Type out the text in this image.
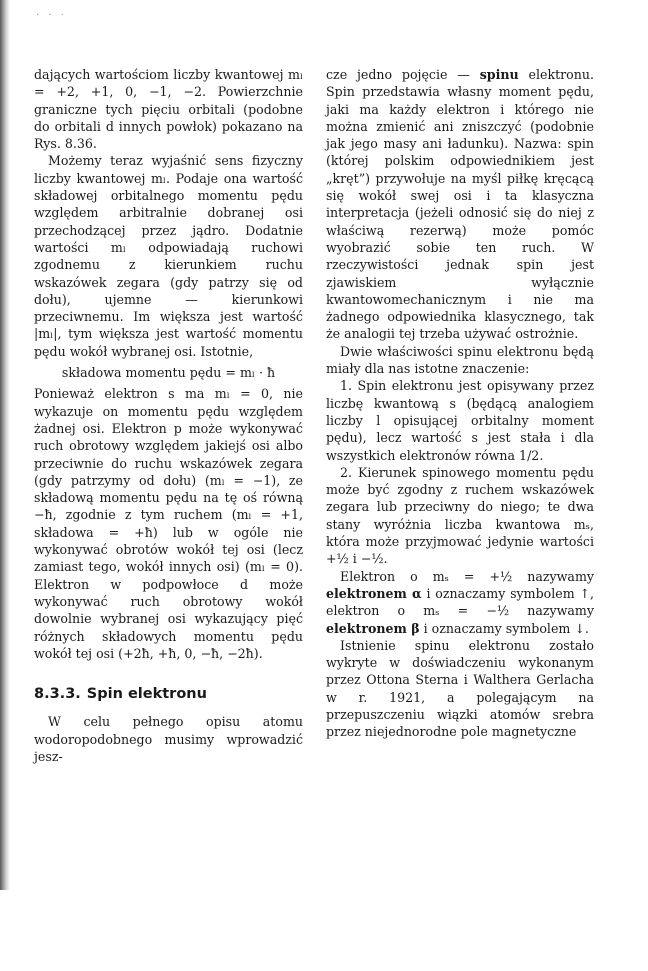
· · ·

dających wartościom liczby kwantowej mₗ = +2, +1, 0, −1, −2. Powierzchnie graniczne tych pięciu orbitali (podobne do orbitali d innych powłok) pokazano na Rys. 8.36.

Możemy teraz wyjaśnić sens fizyczny liczby kwantowej mₗ. Podaje ona wartość składowej orbitalnego momentu pędu względem arbitralnie dobranej osi przechodzącej przez jądro. Dodatnie wartości mₗ odpowiadają ruchowi zgodnemu z kierunkiem ruchu wskazówek zegara (gdy patrzy się od dołu), ujemne — kierunkowi przeciwnemu. Im większa jest wartość |mₗ|, tym większa jest wartość momentu pędu wokół wybranej osi. Istotnie,

składowa momentu pędu = mₗ · ħ

Ponieważ elektron s ma mₗ = 0, nie wykazuje on momentu pędu względem żadnej osi. Elektron p może wykonywać ruch obrotowy względem jakiejś osi albo przeciwnie do ruchu wskazówek zegara (gdy patrzymy od dołu) (mₗ = −1), ze składową momentu pędu na tę oś równą −ħ, zgodnie z tym ruchem (mₗ = +1, składowa = +ħ) lub w ogóle nie wykonywać obrotów wokół tej osi (lecz zamiast tego, wokół innych osi) (mₗ = 0). Elektron w podpowłoce d może wykonywać ruch obrotowy wokół dowolnie wybranej osi wykazujący pięć różnych składowych momentu pędu wokół tej osi (+2ħ, +ħ, 0, −ħ, −2ħ).

8.3.3. Spin elektronu

W celu pełnego opisu atomu wodoropodobnego musimy wprowadzić jesz-

cze jedno pojęcie — spinu elektronu. Spin przedstawia własny moment pędu, jaki ma każdy elektron i którego nie można zmienić ani zniszczyć (podobnie jak jego masy ani ładunku). Nazwa: spin (której polskim odpowiednikiem jest „kręt”) przywołuje na myśl piłkę kręcącą się wokół swej osi i ta klasyczna interpretacja (jeżeli odnosić się do niej z właściwą rezerwą) może pomóc wyobrazić sobie ten ruch. W rzeczywistości jednak spin jest zjawiskiem wyłącznie kwantowomechanicznym i nie ma żadnego odpowiednika klasycznego, tak że analogii tej trzeba używać ostrożnie.

Dwie właściwości spinu elektronu będą miały dla nas istotne znaczenie:

1. Spin elektronu jest opisywany przez liczbę kwantową s (będącą analogiem liczby l opisującej orbitalny moment pędu), lecz wartość s jest stała i dla wszystkich elektronów równa 1/2.

2. Kierunek spinowego momentu pędu może być zgodny z ruchem wskazówek zegara lub przeciwny do niego; te dwa stany wyróżnia liczba kwantowa mₛ, która może przyjmować jedynie wartości +½ i −½.

Elektron o mₛ = +½ nazywamy elektronem α i oznaczamy symbolem ↑, elektron o mₛ = −½ nazywamy elektronem β i oznaczamy symbolem ↓.

Istnienie spinu elektronu zostało wykryte w doświadczeniu wykonanym przez Ottona Sterna i Walthera Gerlacha w r. 1921, a polegającym na przepuszczeniu wiązki atomów srebra przez niejednorodne pole magnetyczne
